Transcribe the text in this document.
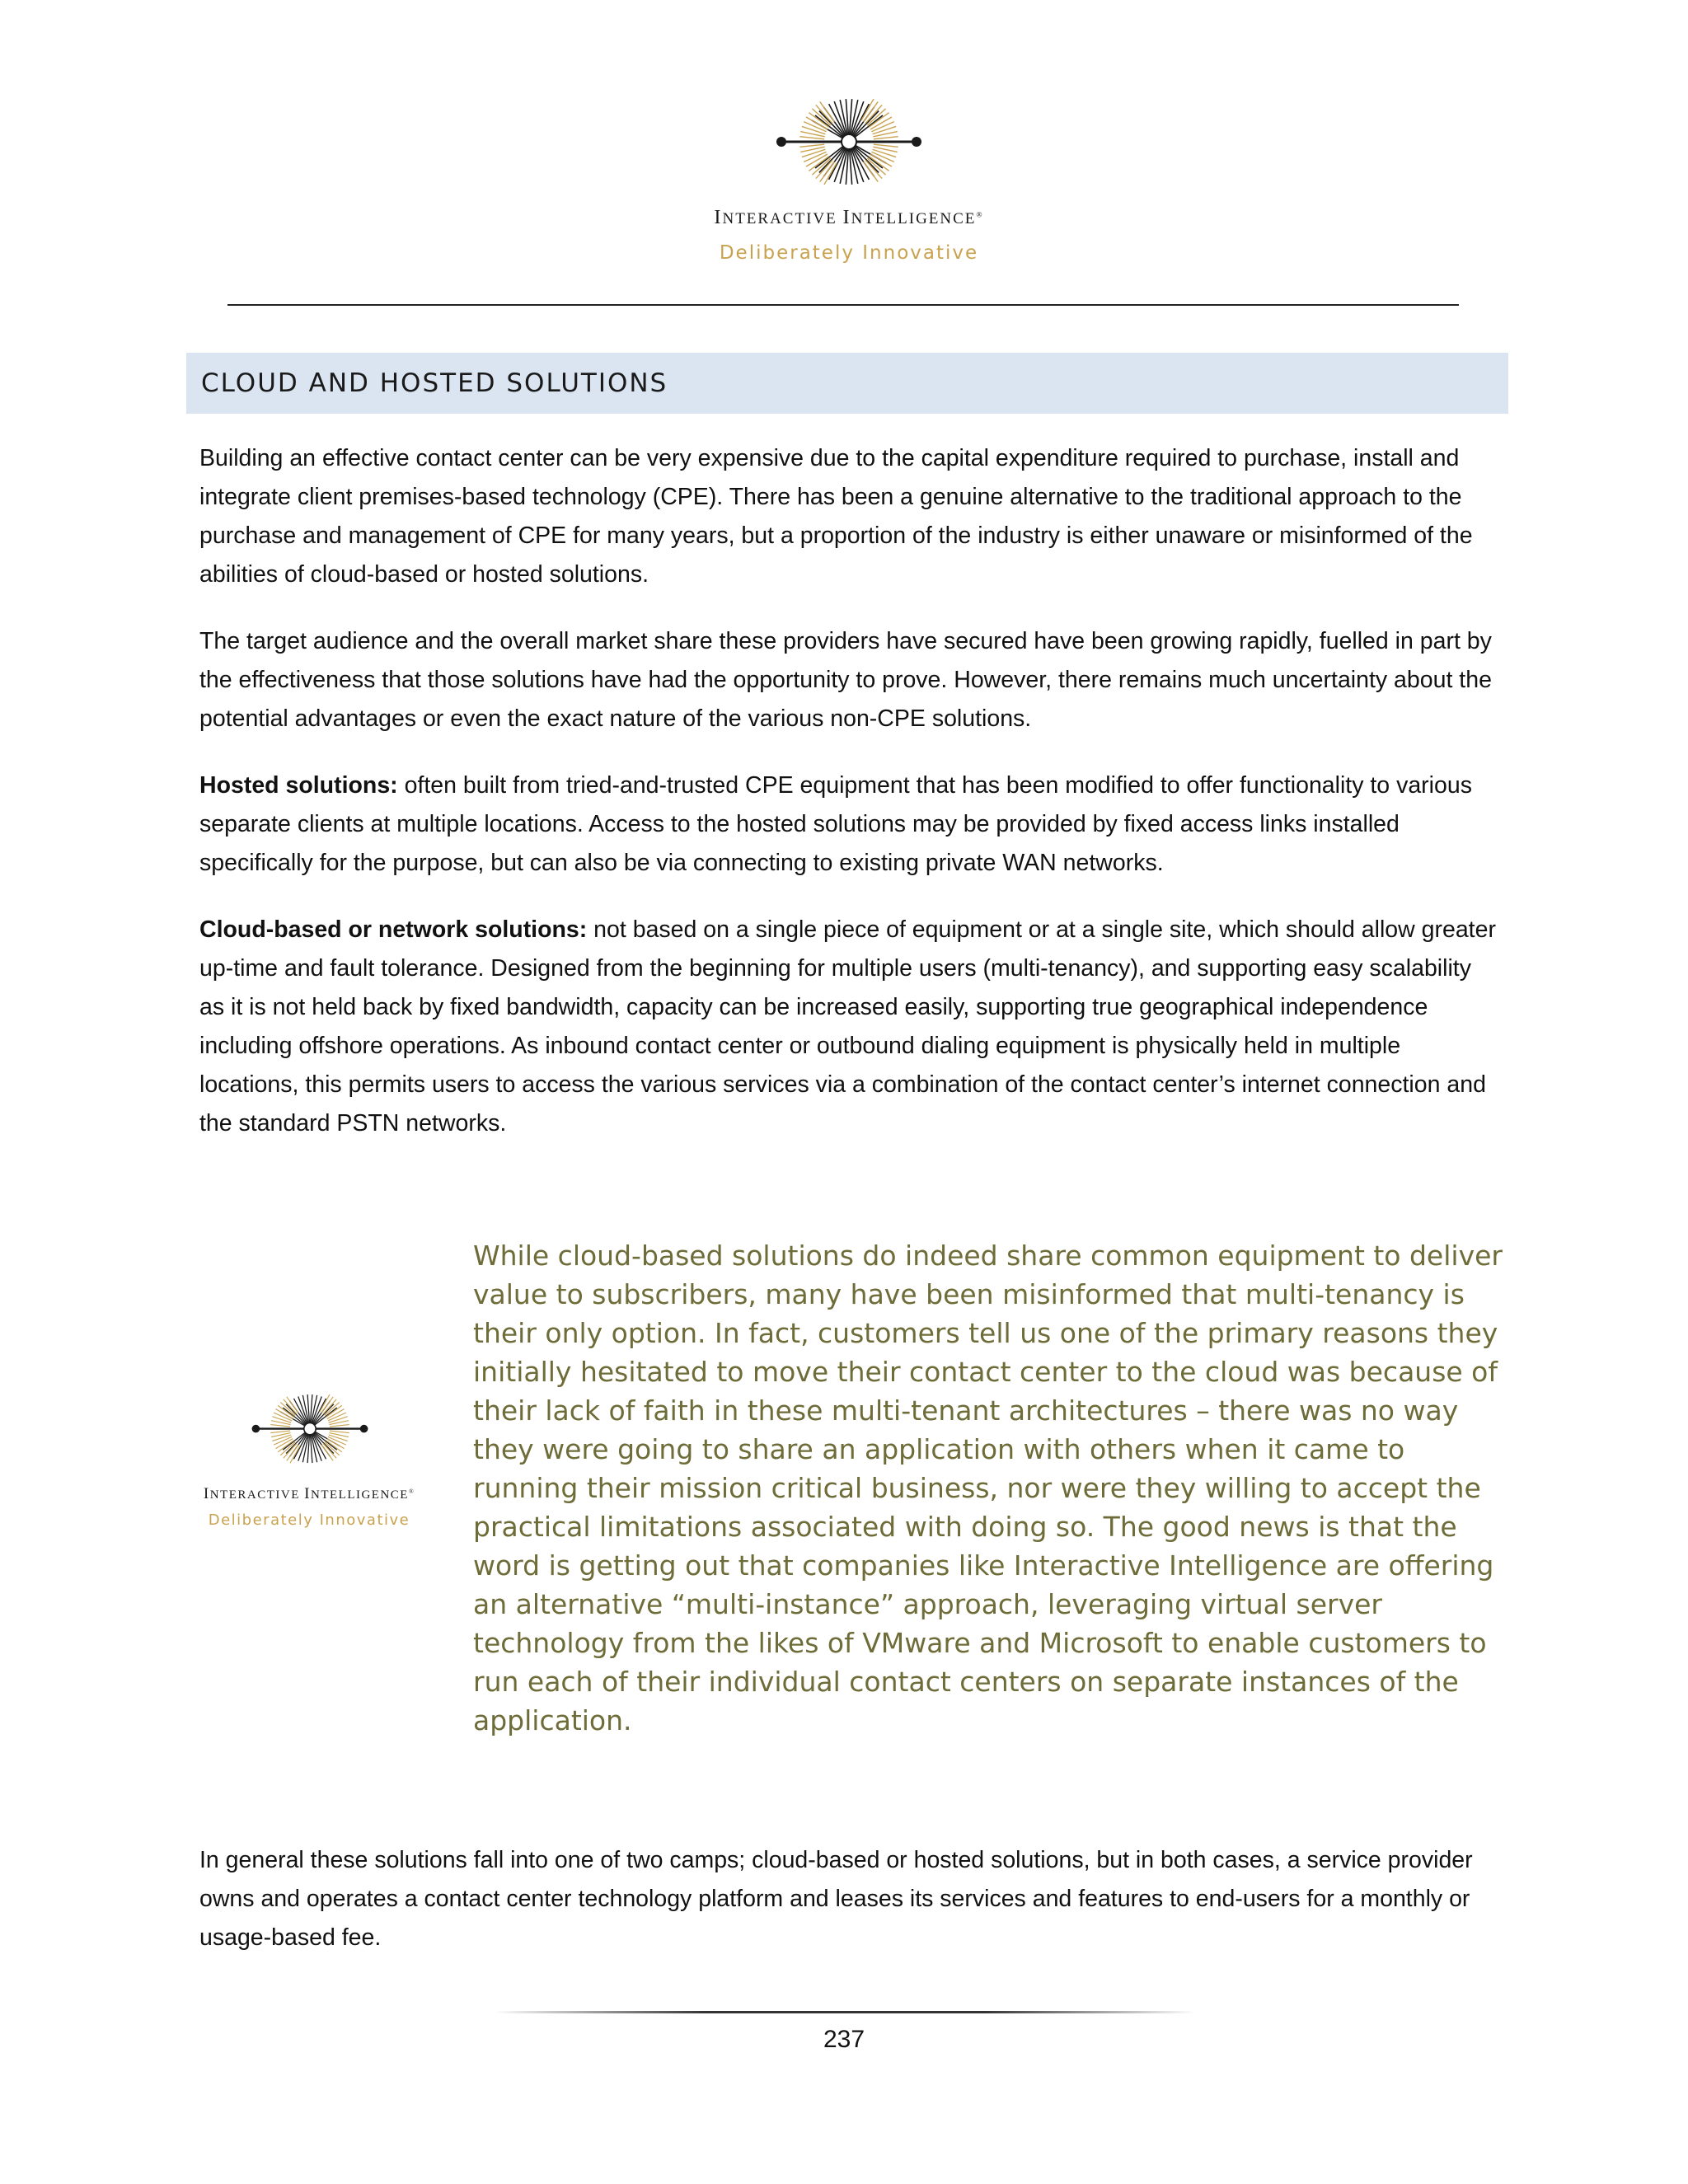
INTERACTIVE INTELLIGENCE®
Deliberately Innovative
CLOUD AND HOSTED SOLUTIONS

Building an effective contact center can be very expensive due to the capital expenditure required to purchase, install and integrate client premises-based technology (CPE). There has been a genuine alternative to the traditional approach to the purchase and management of CPE for many years, but a proportion of the industry is either unaware or misinformed of the abilities of cloud-based or hosted solutions.

The target audience and the overall market share these providers have secured have been growing rapidly, fuelled in part by the effectiveness that those solutions have had the opportunity to prove. However, there remains much uncertainty about the potential advantages or even the exact nature of the various non-CPE solutions.

Hosted solutions: often built from tried-and-trusted CPE equipment that has been modified to offer functionality to various separate clients at multiple locations. Access to the hosted solutions may be provided by fixed access links installed specifically for the purpose, but can also be via connecting to existing private WAN networks.

Cloud-based or network solutions: not based on a single piece of equipment or at a single site, which should allow greater up-time and fault tolerance. Designed from the beginning for multiple users (multi-tenancy), and supporting easy scalability as it is not held back by fixed bandwidth, capacity can be increased easily, supporting true geographical independence including offshore operations. As inbound contact center or outbound dialing equipment is physically held in multiple locations, this permits users to access the various services via a combination of the contact center’s internet connection and the standard PSTN networks.

INTERACTIVE INTELLIGENCE®
Deliberately Innovative

While cloud-based solutions do indeed share common equipment to deliver value to subscribers, many have been misinformed that multi-tenancy is their only option. In fact, customers tell us one of the primary reasons they initially hesitated to move their contact center to the cloud was because of their lack of faith in these multi-tenant architectures – there was no way they were going to share an application with others when it came to running their mission critical business, nor were they willing to accept the practical limitations associated with doing so. The good news is that the word is getting out that companies like Interactive Intelligence are offering an alternative “multi-instance” approach, leveraging virtual server technology from the likes of VMware and Microsoft to enable customers to run each of their individual contact centers on separate instances of the application.

In general these solutions fall into one of two camps; cloud-based or hosted solutions, but in both cases, a service provider owns and operates a contact center technology platform and leases its services and features to end-users for a monthly or usage-based fee.

237
